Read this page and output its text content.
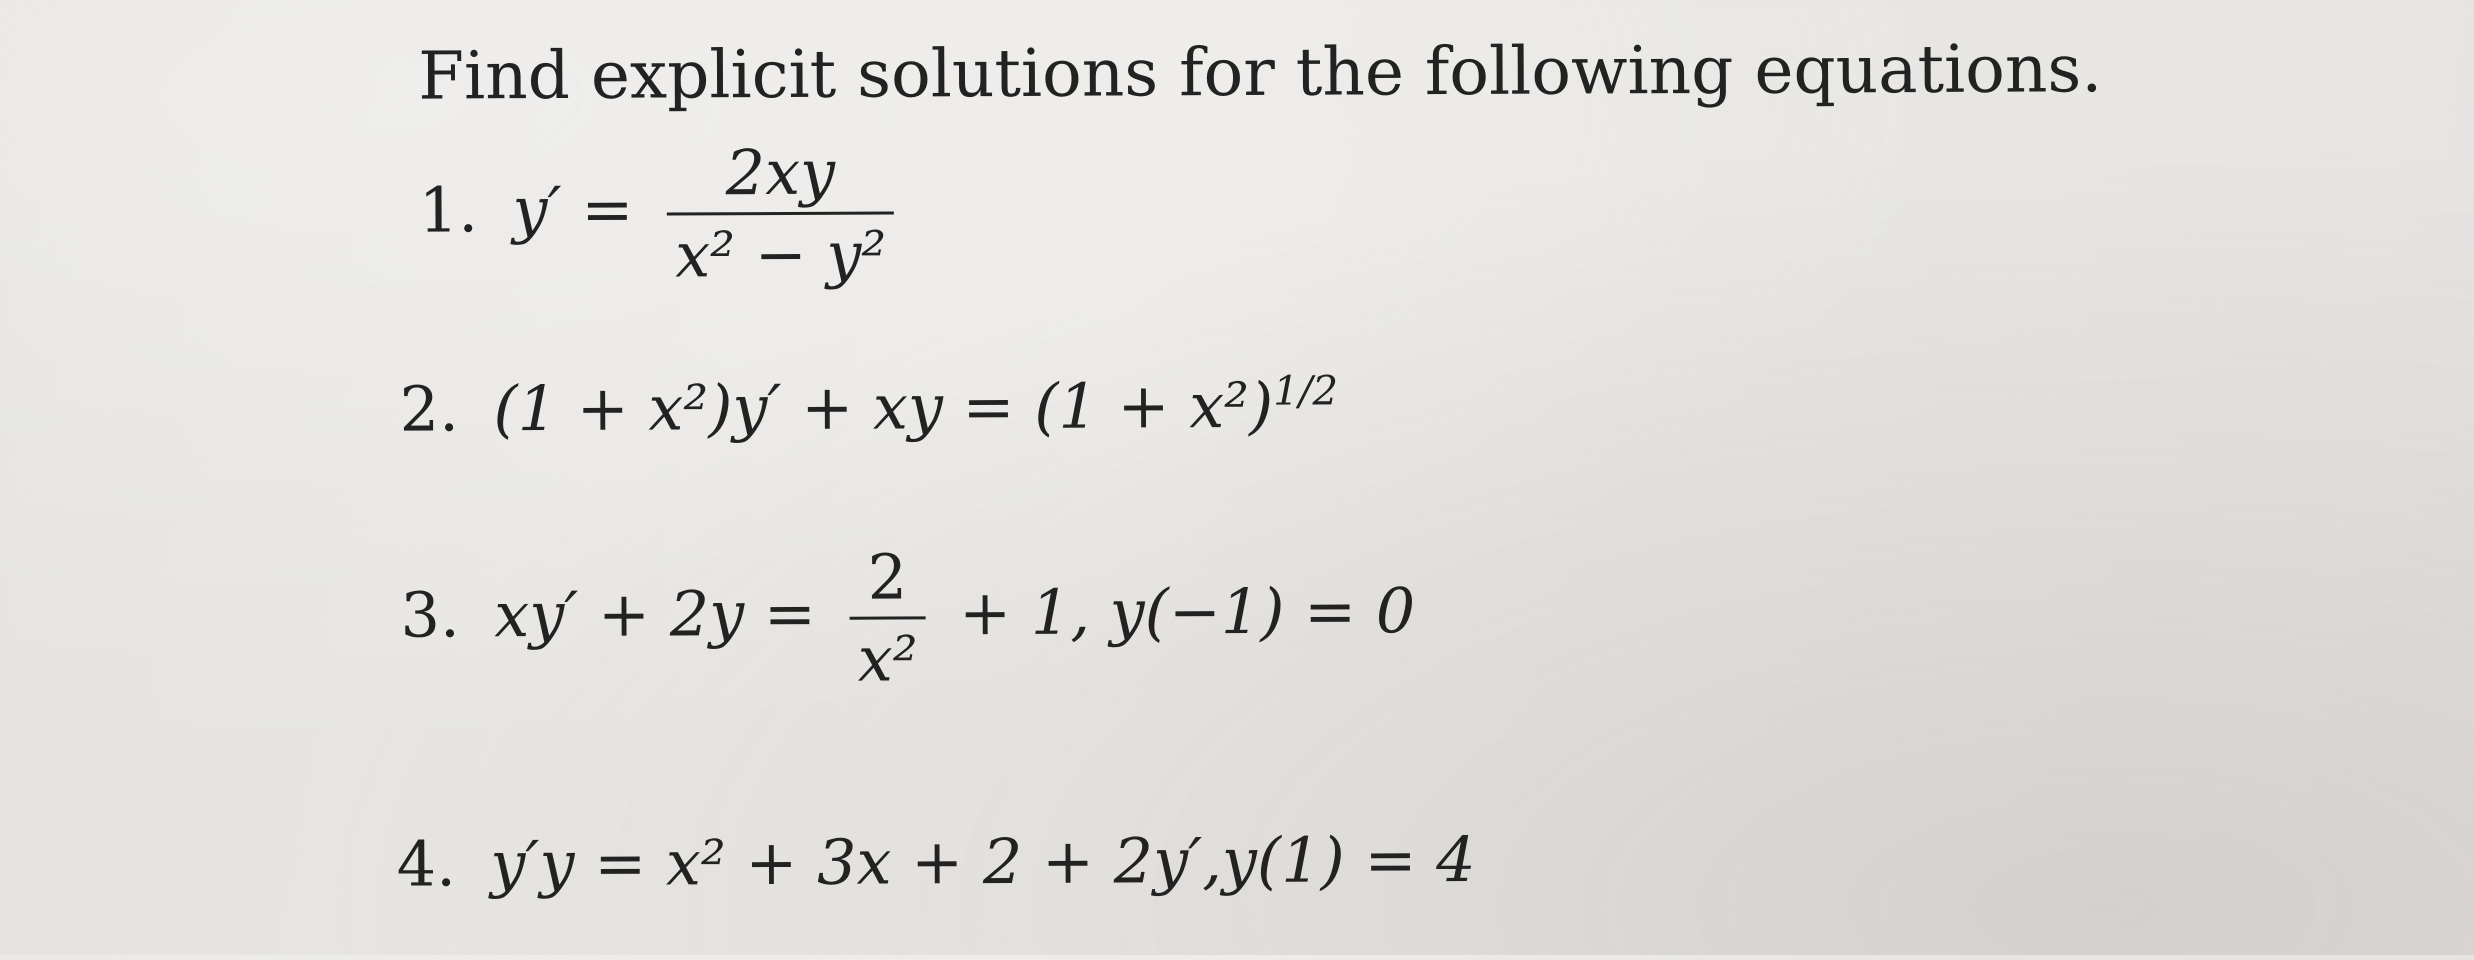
Find explicit solutions for the following equations.
1. $y' = \frac{2xy}{\text{x² − y²}}$
2. (1 + x²)y′ + xy = $(1 + x^2)^{1/2}$
3. $xy' + 2y = \frac{2}{\text{x²}} + 1$, y(−1) = 0
4. y′y = x² + 3x + 2 + 2y′,y(1) = 4
